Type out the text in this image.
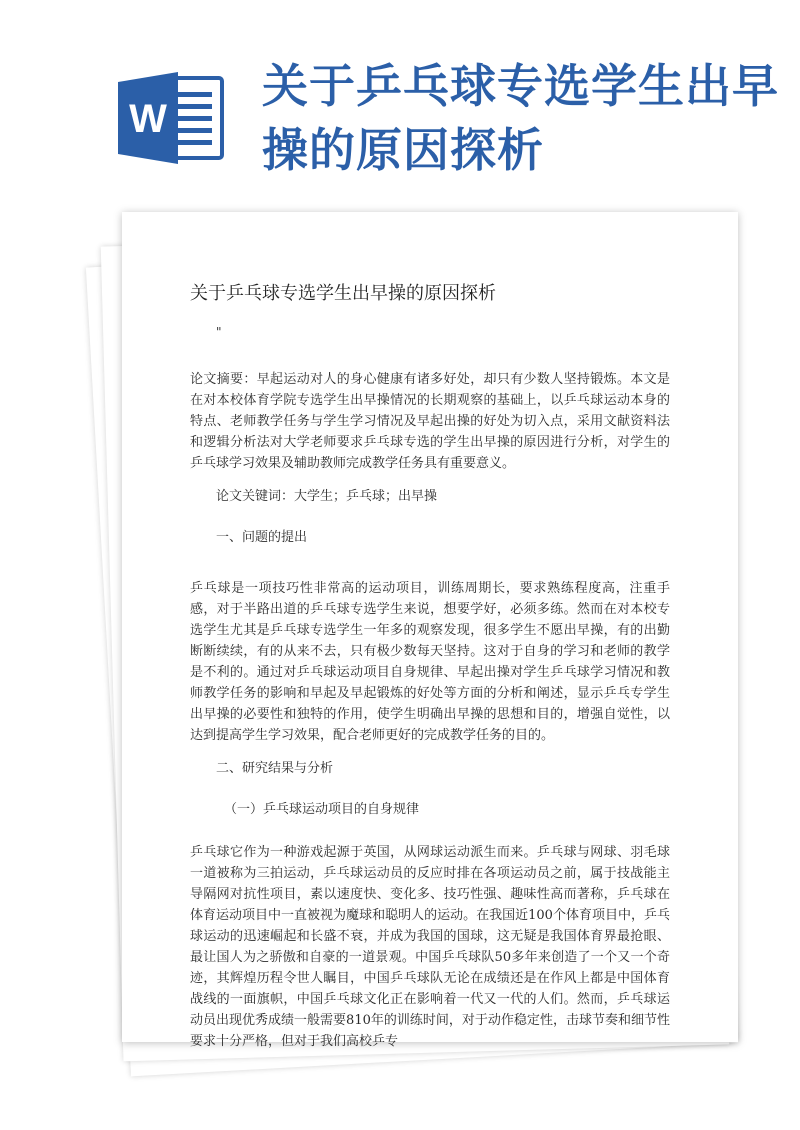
W
关于乒乓球专选学生出早操的原因探析

关于乒乓球专选学生出早操的原因探析

"

论文摘要：早起运动对人的身心健康有诸多好处，却只有少数人坚持锻炼。本文是在对本校体育学院专选学生出早操情况的长期观察的基础上，以乒乓球运动本身的特点、老师教学任务与学生学习情况及早起出操的好处为切入点，采用文献资料法和逻辑分析法对大学老师要求乒乓球专选的学生出早操的原因进行分析，对学生的乒乓球学习效果及辅助教师完成教学任务具有重要意义。

论文关键词：大学生；乒乓球；出早操

一、问题的提出

乒乓球是一项技巧性非常高的运动项目，训练周期长，要求熟练程度高，注重手感，对于半路出道的乒乓球专选学生来说，想要学好，必须多练。然而在对本校专选学生尤其是乒乓球专选学生一年多的观察发现，很多学生不愿出早操，有的出勤断断续续，有的从来不去，只有极少数每天坚持。这对于自身的学习和老师的教学是不利的。通过对乒乓球运动项目自身规律、早起出操对学生乒乓球学习情况和教师教学任务的影响和早起及早起锻炼的好处等方面的分析和阐述，显示乒乓专学生出早操的必要性和独特的作用，使学生明确出早操的思想和目的，增强自觉性，以达到提高学生学习效果，配合老师更好的完成教学任务的目的。

二、研究结果与分析

（一）乒乓球运动项目的自身规律

乒乓球它作为一种游戏起源于英国，从网球运动派生而来。乒乓球与网球、羽毛球一道被称为三拍运动，乒乓球运动员的反应时排在各项运动员之前，属于技战能主导隔网对抗性项目，素以速度快、变化多、技巧性强、趣味性高而著称，乒乓球在体育运动项目中一直被视为魔球和聪明人的运动。在我国近100个体育项目中，乒乓球运动的迅速崛起和长盛不衰，并成为我国的国球，这无疑是我国体育界最抢眼、最让国人为之骄傲和自豪的一道景观。中国乒乓球队50多年来创造了一个又一个奇迹，其辉煌历程令世人瞩目，中国乒乓球队无论在成绩还是在作风上都是中国体育战线的一面旗帜，中国乒乓球文化正在影响着一代又一代的人们。然而，乒乓球运动员出现优秀成绩一般需要810年的训练时间，对于动作稳定性，击球节奏和细节性要求十分严格，但对于我们高校乒专
